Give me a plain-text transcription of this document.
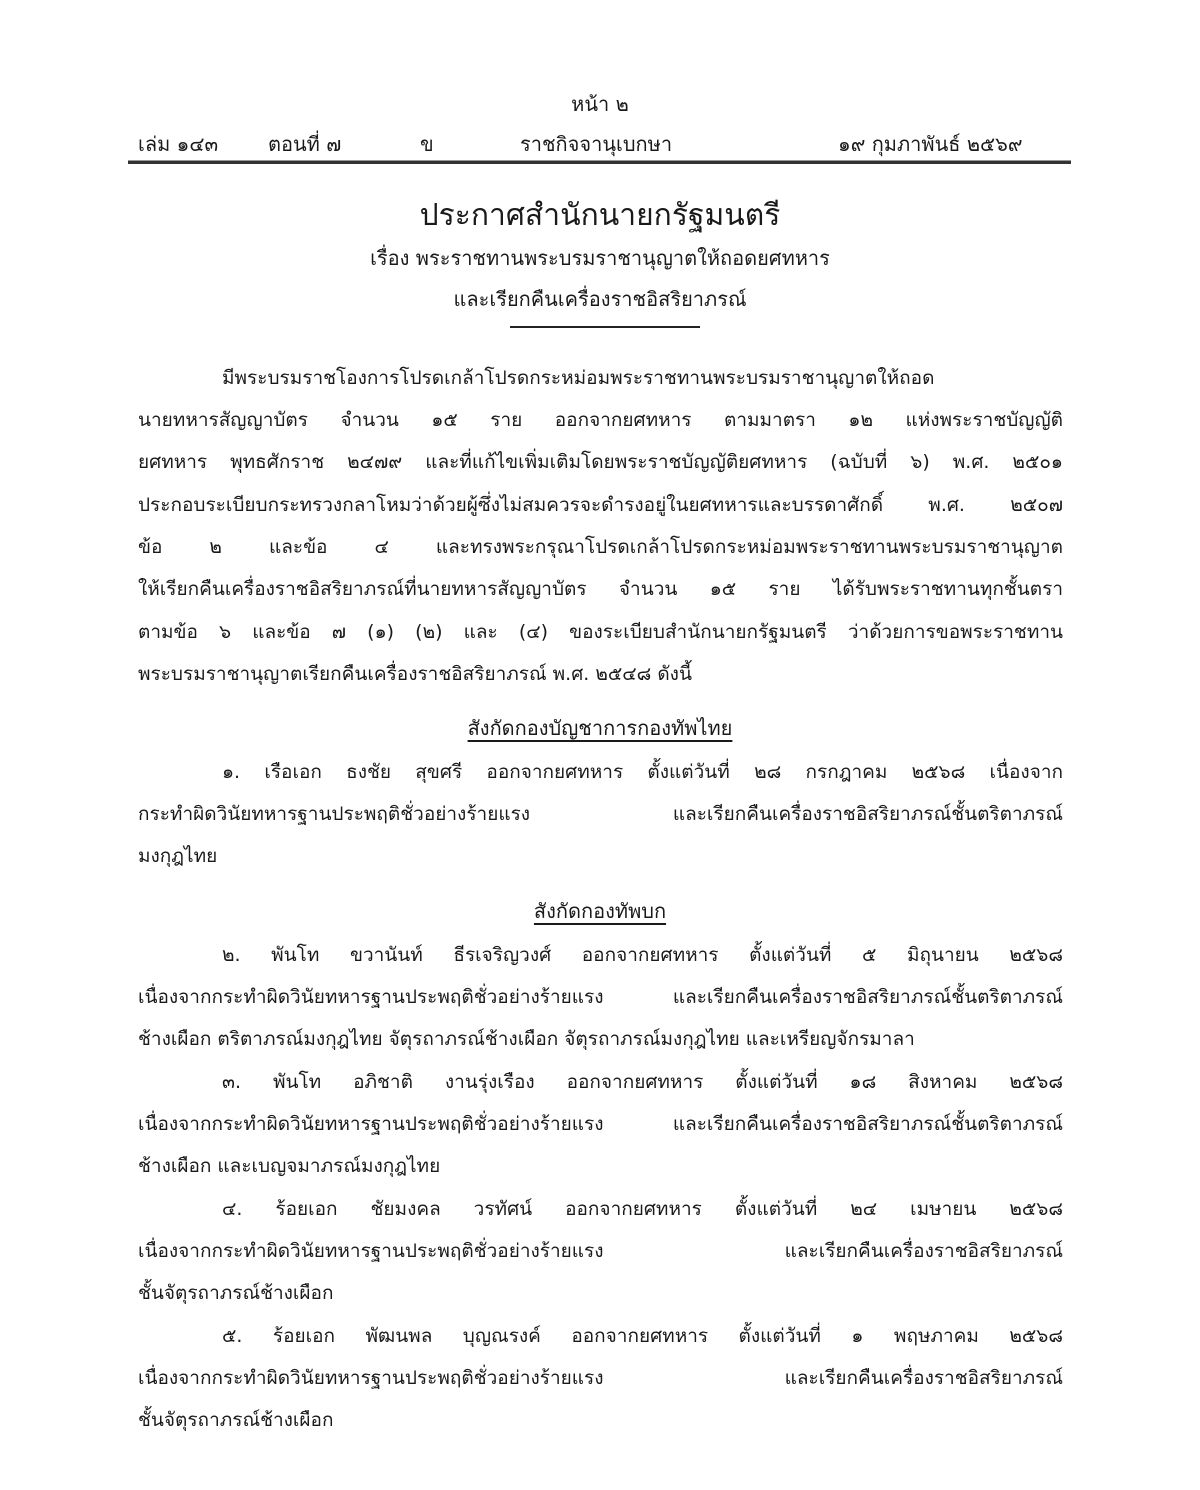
หน้า ๒
เล่ม ๑๔๓ ตอนที่ ๗	ข	ราชกิจจานุเบกษา	๑๙ กุมภาพันธ์ ๒๕๖๙
ประกาศสำนักนายกรัฐมนตรี
เรื่อง พระราชทานพระบรมราชานุญาตให้ถอดยศทหาร
และเรียกคืนเครื่องราชอิสริยาภรณ์
มีพระบรมราชโองการโปรดเกล้าโปรดกระหม่อมพระราชทานพระบรมราชานุญาตให้ถอด
นายทหารสัญญาบัตร จำนวน ๑๕ ราย ออกจากยศทหาร ตามมาตรา ๑๒ แห่งพระราชบัญญัติ
ยศทหาร พุทธศักราช ๒๔๗๙ และที่แก้ไขเพิ่มเติมโดยพระราชบัญญัติยศทหาร (ฉบับที่ ๖) พ.ศ. ๒๕๐๑
ประกอบระเบียบกระทรวงกลาโหมว่าด้วยผู้ซึ่งไม่สมควรจะดำรงอยู่ในยศทหารและบรรดาศักดิ์ พ.ศ. ๒๕๐๗
ข้อ ๒ และข้อ ๔ และทรงพระกรุณาโปรดเกล้าโปรดกระหม่อมพระราชทานพระบรมราชานุญาต
ให้เรียกคืนเครื่องราชอิสริยาภรณ์ที่นายทหารสัญญาบัตร จำนวน ๑๕ ราย ได้รับพระราชทานทุกชั้นตรา
ตามข้อ ๖ และข้อ ๗ (๑) (๒) และ (๔) ของระเบียบสำนักนายกรัฐมนตรี ว่าด้วยการขอพระราชทาน
พระบรมราชานุญาตเรียกคืนเครื่องราชอิสริยาภรณ์ พ.ศ. ๒๕๔๘ ดังนี้
สังกัดกองบัญชาการกองทัพไทย
๑. เรือเอก ธงชัย สุขศรี ออกจากยศทหาร ตั้งแต่วันที่ ๒๘ กรกฎาคม ๒๕๖๘ เนื่องจาก
กระทำผิดวินัยทหารฐานประพฤติชั่วอย่างร้ายแรง และเรียกคืนเครื่องราชอิสริยาภรณ์ชั้นตริตาภรณ์
มงกุฎไทย
สังกัดกองทัพบก
๒. พันโท ขวานันท์ ธีรเจริญวงศ์ ออกจากยศทหาร ตั้งแต่วันที่ ๕ มิถุนายน ๒๕๖๘
เนื่องจากกระทำผิดวินัยทหารฐานประพฤติชั่วอย่างร้ายแรง และเรียกคืนเครื่องราชอิสริยาภรณ์ชั้นตริตาภรณ์
ช้างเผือก ตริตาภรณ์มงกุฎไทย จัตุรถาภรณ์ช้างเผือก จัตุรถาภรณ์มงกุฎไทย และเหรียญจักรมาลา
๓. พันโท อภิชาติ งานรุ่งเรือง ออกจากยศทหาร ตั้งแต่วันที่ ๑๘ สิงหาคม ๒๕๖๘
เนื่องจากกระทำผิดวินัยทหารฐานประพฤติชั่วอย่างร้ายแรง และเรียกคืนเครื่องราชอิสริยาภรณ์ชั้นตริตาภรณ์
ช้างเผือก และเบญจมาภรณ์มงกุฎไทย
๔. ร้อยเอก ชัยมงคล วรทัศน์ ออกจากยศทหาร ตั้งแต่วันที่ ๒๔ เมษายน ๒๕๖๘
เนื่องจากกระทำผิดวินัยทหารฐานประพฤติชั่วอย่างร้ายแรง และเรียกคืนเครื่องราชอิสริยาภรณ์
ชั้นจัตุรถาภรณ์ช้างเผือก
๕. ร้อยเอก พัฒนพล บุญณรงค์ ออกจากยศทหาร ตั้งแต่วันที่ ๑ พฤษภาคม ๒๕๖๘
เนื่องจากกระทำผิดวินัยทหารฐานประพฤติชั่วอย่างร้ายแรง และเรียกคืนเครื่องราชอิสริยาภรณ์
ชั้นจัตุรถาภรณ์ช้างเผือก
